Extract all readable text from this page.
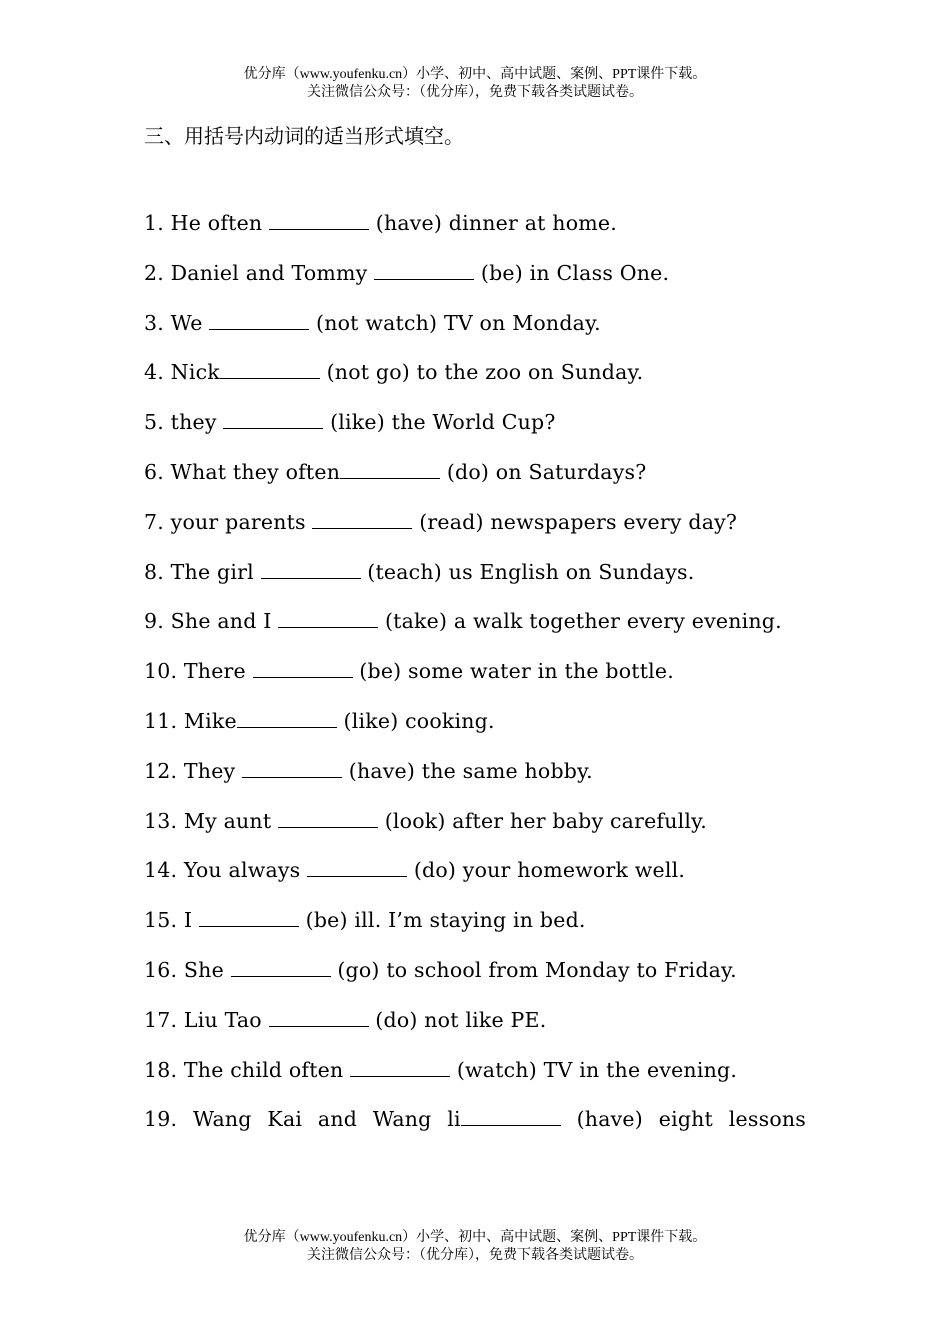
优分库（www.youfenku.cn）小学、初中、高中试题、案例、PPT课件下载。
关注微信公众号：（优分库），免费下载各类试题试卷。
三、用括号内动词的适当形式填空。
1. He often	(have) dinner at home.
2. Daniel and Tommy	(be) in Class One.
3. We	(not watch) TV on Monday.
4. Nick	(not go) to the zoo on Sunday.
5. they	(like) the World Cup?
6. What they often	(do) on Saturdays?
7. your parents	(read) newspapers every day?
8. The girl	(teach) us English on Sundays.
9. She and I	(take) a walk together every evening.
10. There	(be) some water in the bottle.
11. Mike	(like) cooking.
12. They	(have) the same hobby.
13. My aunt	(look) after her baby carefully.
14. You always	(do) your homework well.
15. I	(be) ill. I’m staying in bed.
16. She	(go) to school from Monday to Friday.
17. Liu Tao	(do) not like PE.
18. The child often	(watch) TV in the evening.
19. Wang Kai and Wang li	(have) eight lessons
优分库（www.youfenku.cn）小学、初中、高中试题、案例、PPT课件下载。
关注微信公众号：（优分库），免费下载各类试题试卷。
